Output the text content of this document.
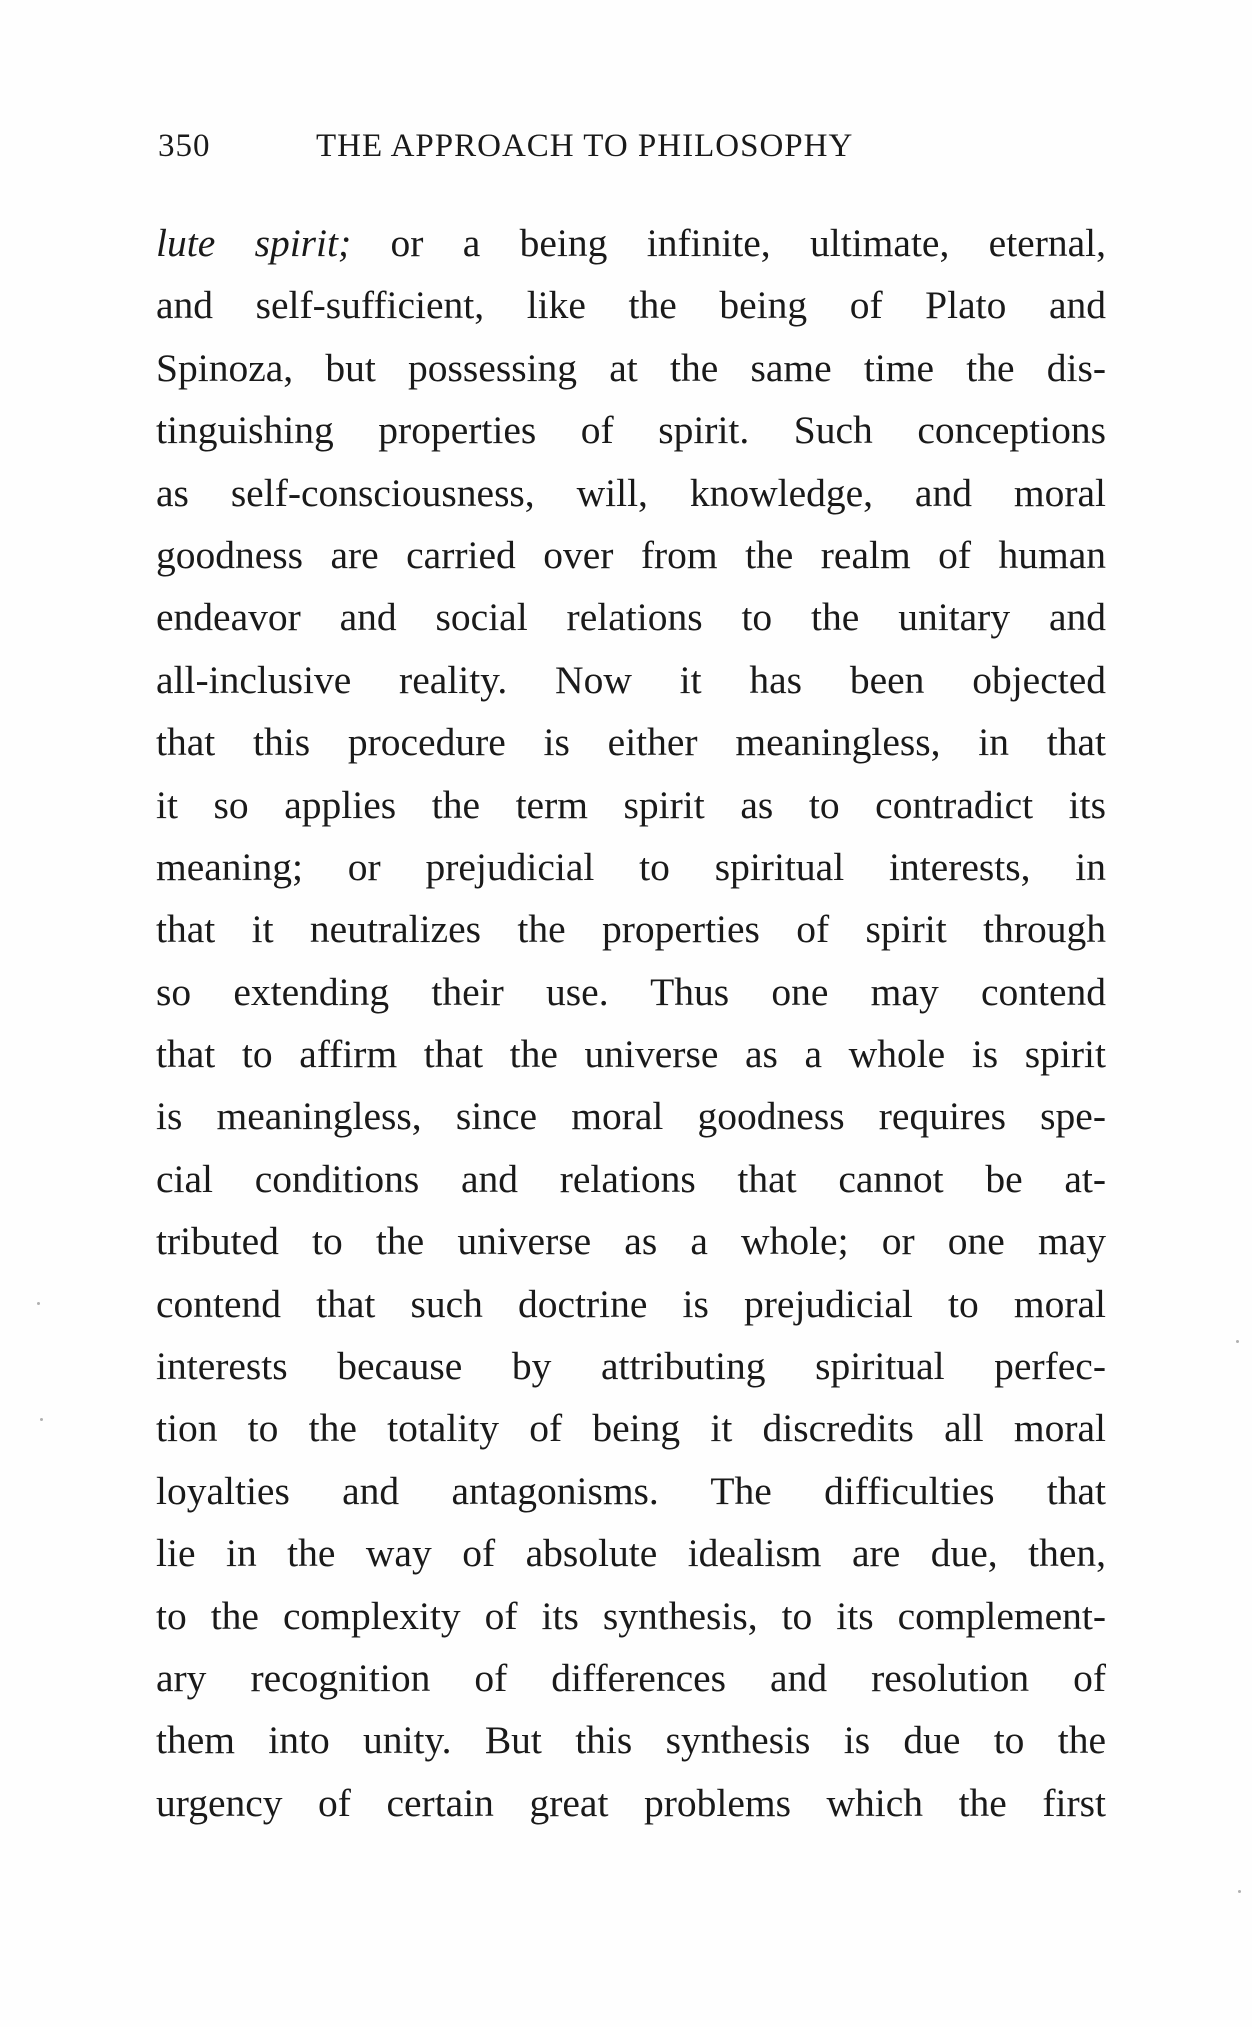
350	THE APPROACH TO PHILOSOPHY
lute spirit; or a being infinite, ultimate, eternal,
and self-sufficient, like the being of Plato and
Spinoza, but possessing at the same time the dis-
tinguishing properties of spirit. Such conceptions
as self-consciousness, will, knowledge, and moral
goodness are carried over from the realm of human
endeavor and social relations to the unitary and
all-inclusive reality. Now it has been objected
that this procedure is either meaningless, in that
it so applies the term spirit as to contradict its
meaning; or prejudicial to spiritual interests, in
that it neutralizes the properties of spirit through
so extending their use. Thus one may contend
that to affirm that the universe as a whole is spirit
is meaningless, since moral goodness requires spe-
cial conditions and relations that cannot be at-
tributed to the universe as a whole; or one may
contend that such doctrine is prejudicial to moral
interests because by attributing spiritual perfec-
tion to the totality of being it discredits all moral
loyalties and antagonisms. The difficulties that
lie in the way of absolute idealism are due, then,
to the complexity of its synthesis, to its complement-
ary recognition of differences and resolution of
them into unity. But this synthesis is due to the
urgency of certain great problems which the first
